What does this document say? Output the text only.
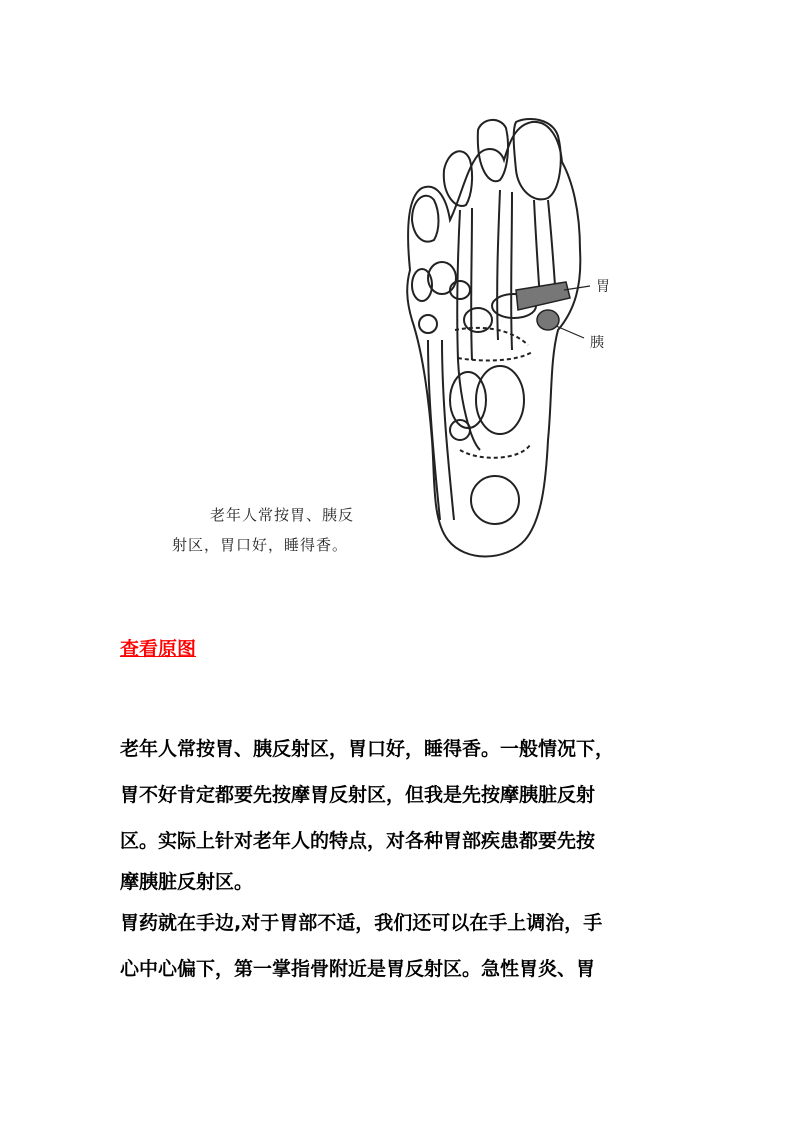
胃
胰
老年人常按胃、胰反
射区，胃口好，睡得香。
查看原图

老年人常按胃、胰反射区，胃口好，睡得香。一般情况下，

胃不好肯定都要先按摩胃反射区，但我是先按摩胰脏反射

区。实际上针对老年人的特点，对各种胃部疾患都要先按

摩胰脏反射区。

胃药就在手边,对于胃部不适，我们还可以在手上调治，手

心中心偏下，第一掌指骨附近是胃反射区。急性胃炎、胃
